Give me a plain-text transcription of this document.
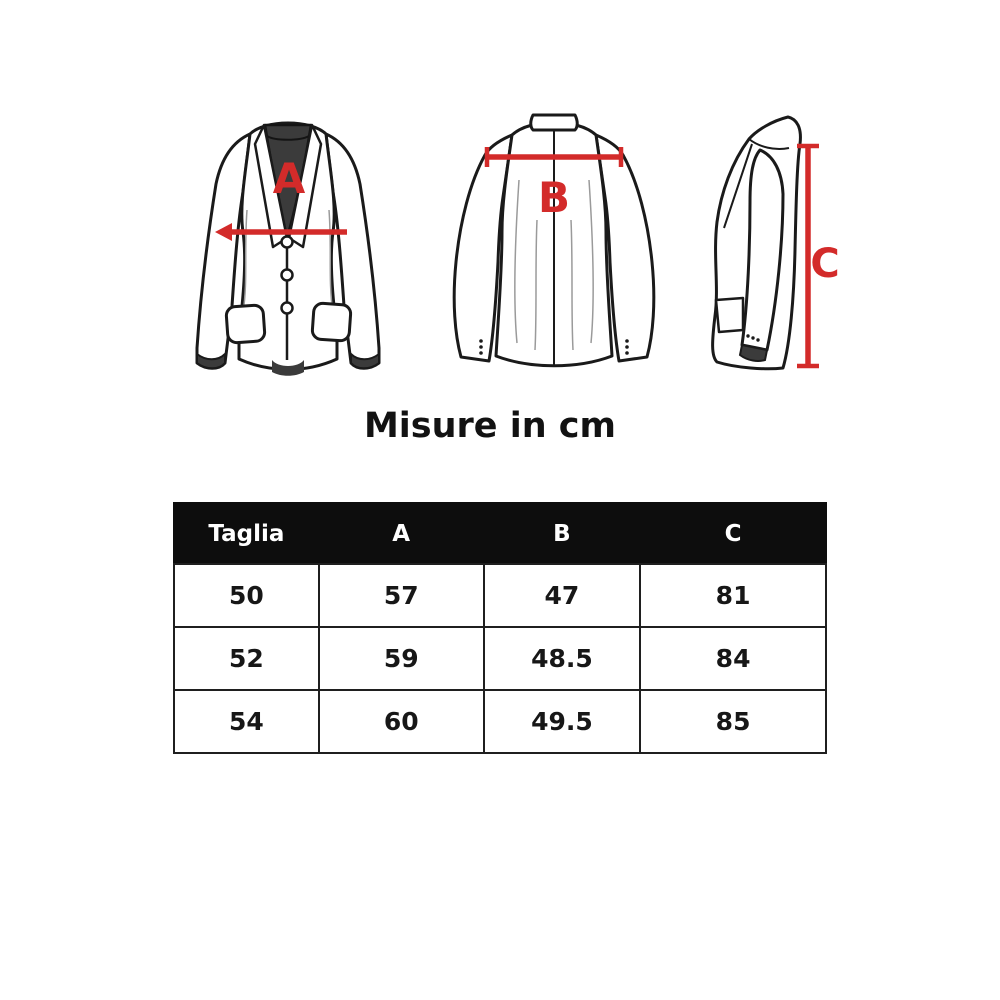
A	B
C
Misure in cm
Taglia	A	B	C
50	57	47	81
52	59	48.5	84
54	60	49.5	85
